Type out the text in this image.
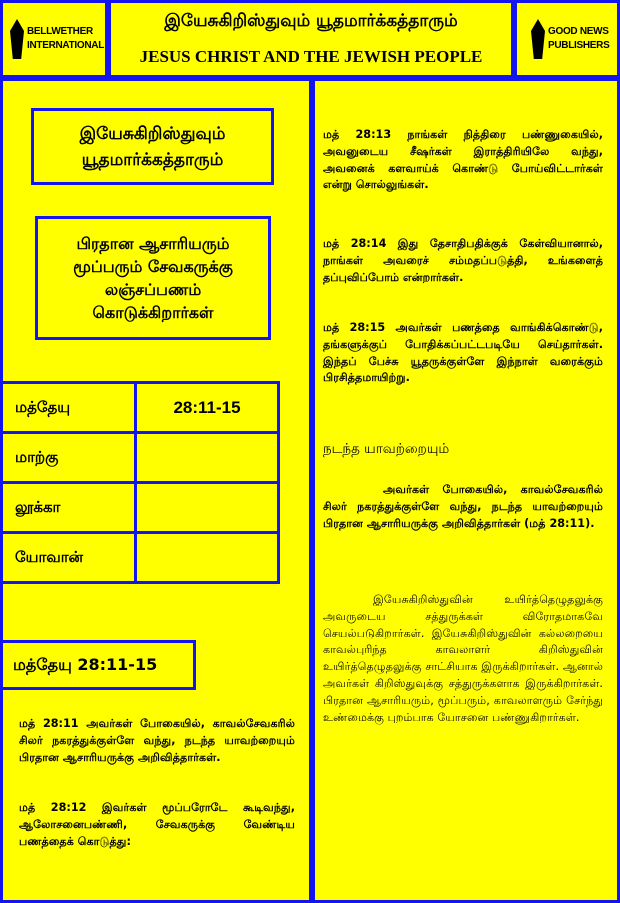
BELLWETHER
INTERNATIONAL
இயேசுகிறிஸ்துவும் யூதமார்க்கத்தாரும்
JESUS CHRIST AND THE JEWISH PEOPLE
GOOD NEWS
PUBLISHERS
இயேசுகிறிஸ்துவும்
யூதமார்க்கத்தாரும்
பிரதான ஆசாரியரும்
மூப்பரும் சேவகருக்கு
லஞ்சப்பணம்
கொடுக்கிறார்கள்
மத்தேயு	28:11-15
மாற்கு	
லூக்கா	
யோவான்	
மத்தேயு 28:11-15
மத் 28:11 அவர்கள் போகையில், காவல்சேவகரில் சிலர் நகரத்துக்குள்ளே வந்து, நடந்த யாவற்றையும் பிரதான ஆசாரியருக்கு அறிவித்தார்கள்.
மத் 28:12 இவர்கள் மூப்பரோடே கூடிவந்து, ஆலோசனைபண்ணி, சேவகருக்கு வேண்டிய பணத்தைக் கொடுத்து:
மத் 28:13 நாங்கள் நித்திரை பண்ணுகையில், அவனுடைய சீஷர்கள் இராத்திரியிலே வந்து, அவனைக் களவாய்க் கொண்டு போய்விட்டார்கள் என்று சொல்லுங்கள்.
மத் 28:14 இது தேசாதிபதிக்குக் கேள்வியானால், நாங்கள் அவரைச் சம்மதப்படுத்தி, உங்களைத் தப்புவிப்போம் என்றார்கள்.
மத் 28:15 அவர்கள் பணத்தை வாங்கிக்கொண்டு, தங்களுக்குப் போதிக்கப்பட்டபடியே செய்தார்கள். இந்தப் பேச்சு யூதருக்குள்ளே இந்நாள் வரைக்கும் பிரசித்தமாயிற்று.
நடந்த யாவற்றையும்
அவர்கள் போகையில், காவல்சேவகரில் சிலர் நகரத்துக்குள்ளே வந்து, நடந்த யாவற்றையும் பிரதான ஆசாரியருக்கு அறிவித்தார்கள் (மத் 28:11).
இயேசுகிறிஸ்துவின் உயிர்த்தெழுதலுக்கு அவருடைய சத்துருக்கள் விரோதமாகவே செயல்படுகிறார்கள். இயேசுகிறிஸ்துவின் கல்லறையை காவல்புரிந்த காவலாளர் கிறிஸ்துவின் உயிர்த்தெழுதலுக்கு சாட்சியாக இருக்கிறார்கள். ஆனால் அவர்கள் கிறிஸ்துவுக்கு சத்துருக்களாக இருக்கிறார்கள். பிரதான ஆசாரியரும், மூப்பரும், காவலாளரும் சேர்ந்து உண்மைக்கு புறம்பாக யோசனை பண்ணுகிறார்கள்.
